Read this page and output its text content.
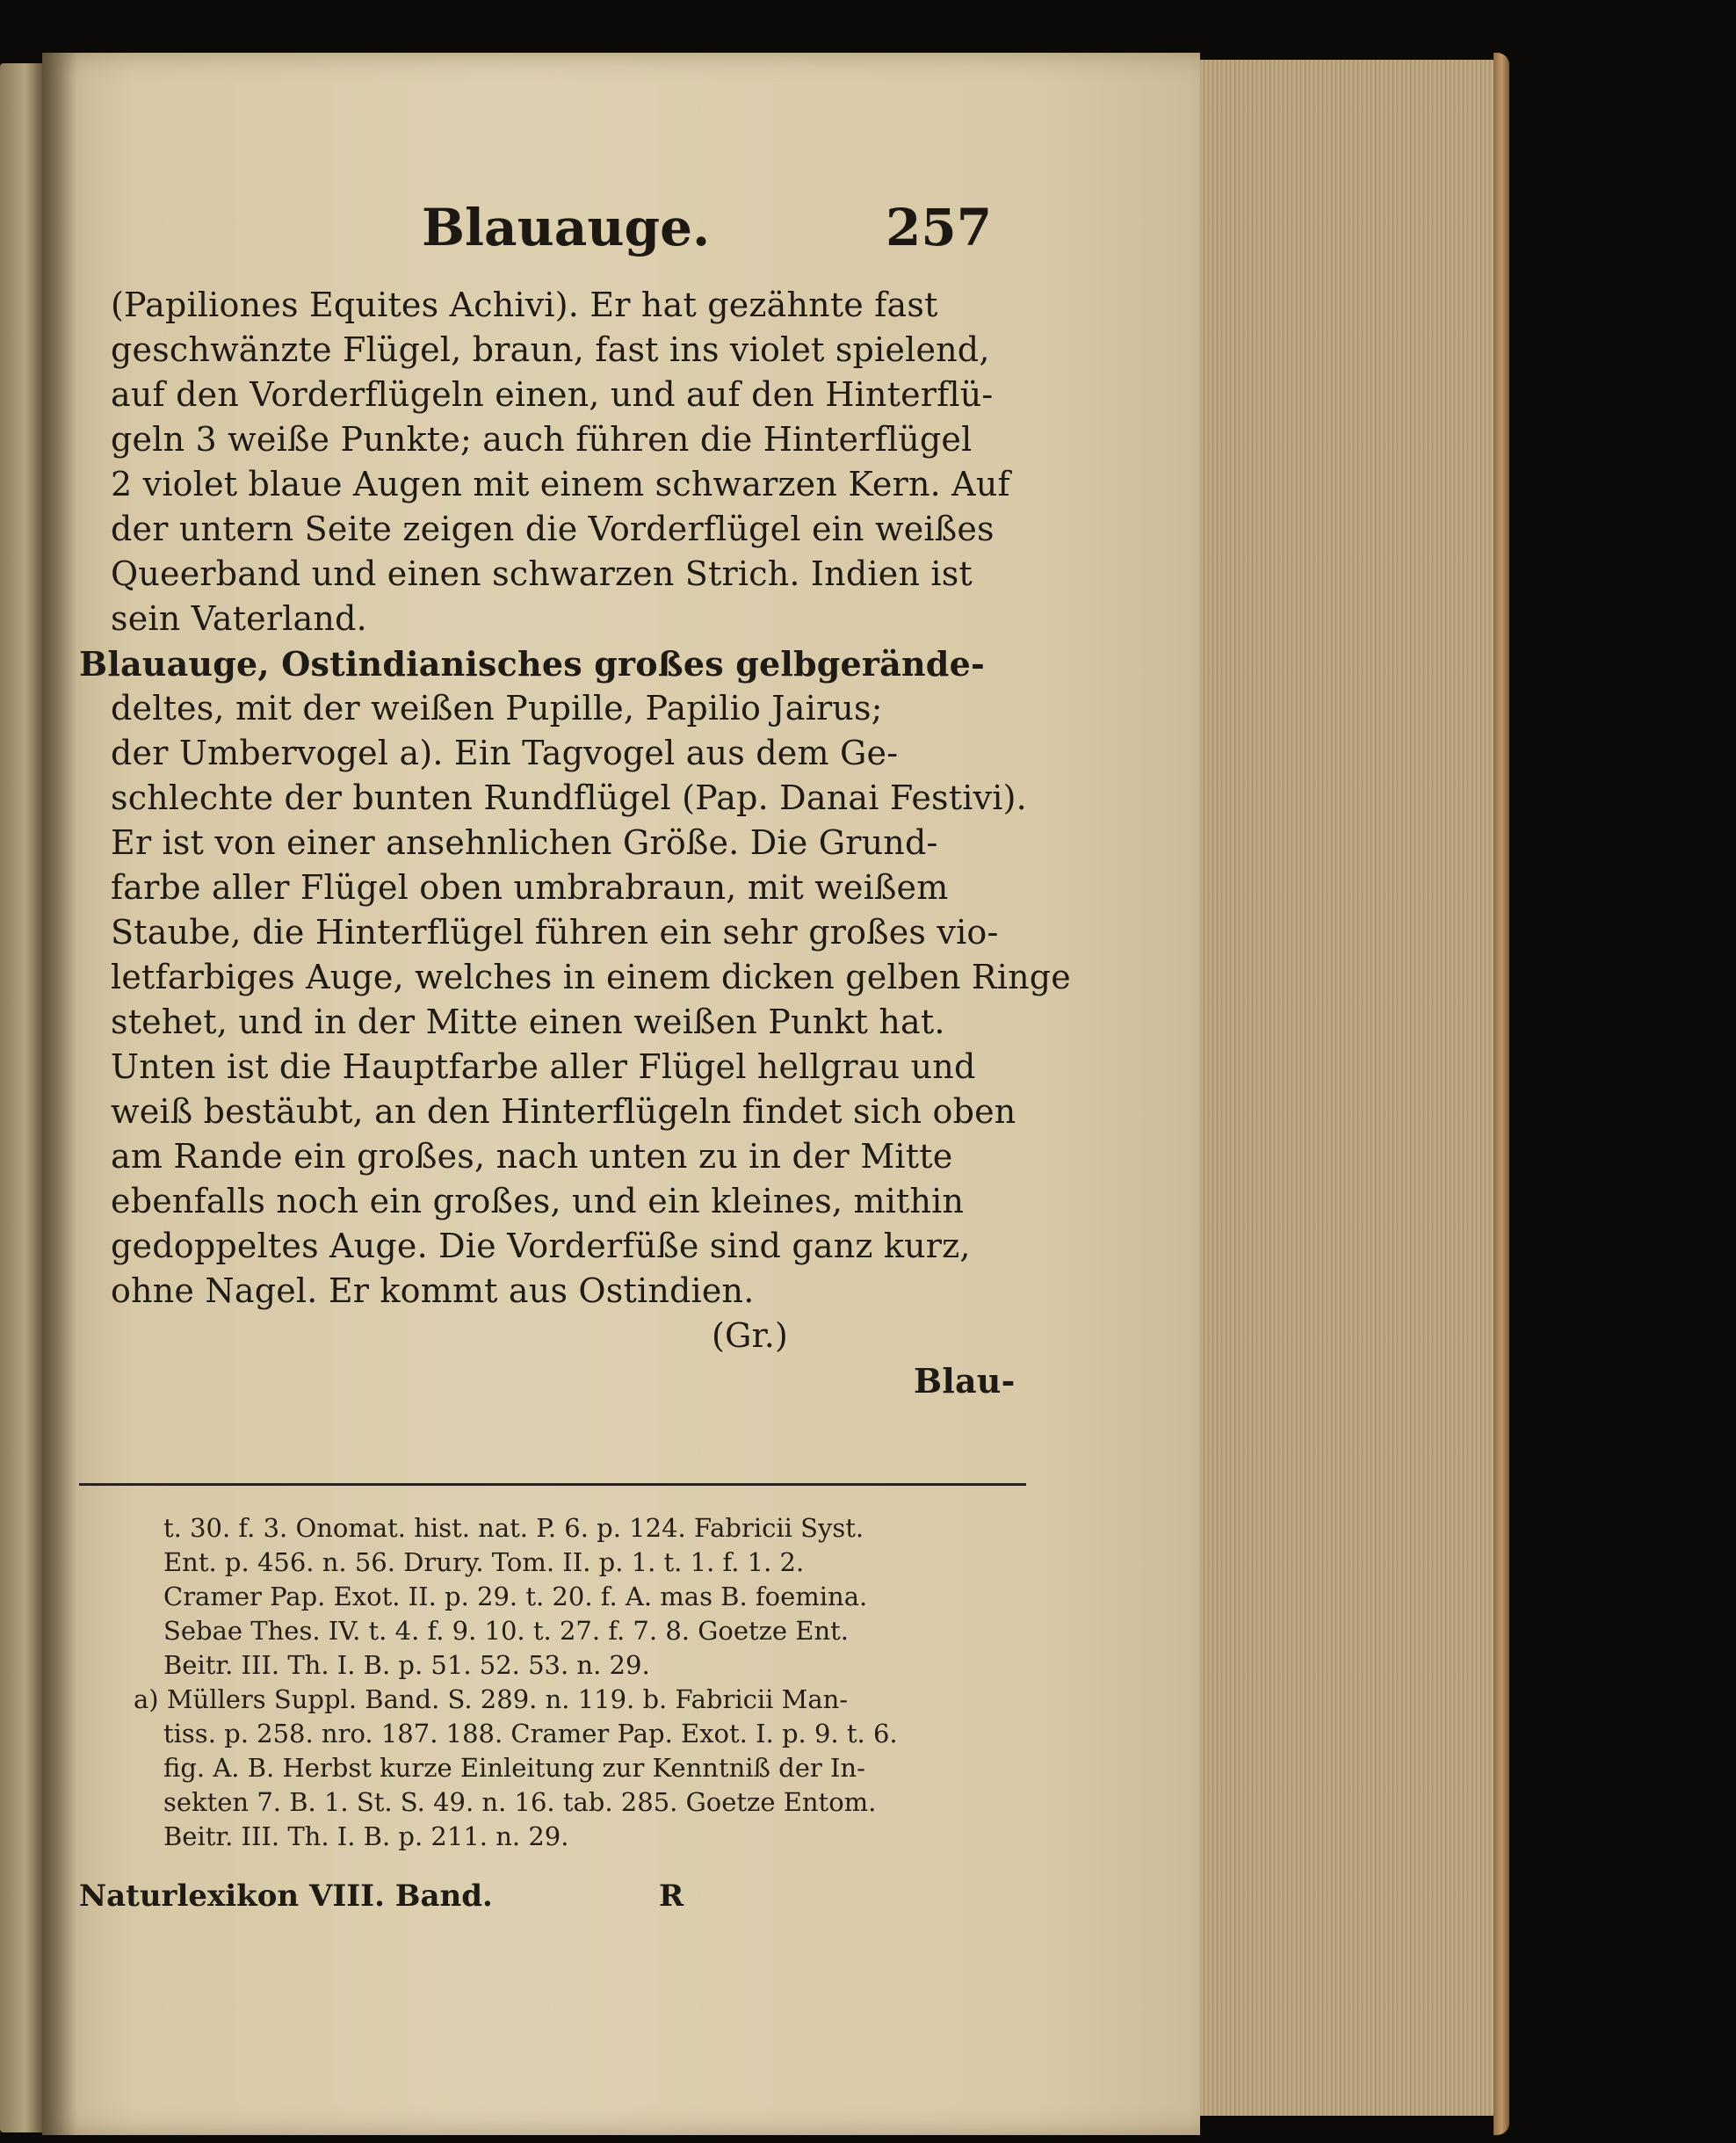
Blauauge.	257
(Papiliones Equites Achivi). Er hat gezähnte fast
geschwänzte Flügel, braun, fast ins violet spielend,
auf den Vorderflügeln einen, und auf den Hinterflü-
geln 3 weiße Punkte; auch führen die Hinterflügel
2 violet blaue Augen mit einem schwarzen Kern. Auf
der untern Seite zeigen die Vorderflügel ein weißes
Queerband und einen schwarzen Strich. Indien ist
sein Vaterland.
Blauauge, Ostindianisches großes gelbgerände-
deltes, mit der weißen Pupille, Papilio Jairus;
der Umbervogel a). Ein Tagvogel aus dem Ge-
schlechte der bunten Rundflügel (Pap. Danai Festivi).
Er ist von einer ansehnlichen Größe. Die Grund-
farbe aller Flügel oben umbrabraun, mit weißem
Staube, die Hinterflügel führen ein sehr großes vio-
letfarbiges Auge, welches in einem dicken gelben Ringe
stehet, und in der Mitte einen weißen Punkt hat.
Unten ist die Hauptfarbe aller Flügel hellgrau und
weiß bestäubt, an den Hinterflügeln findet sich oben
am Rande ein großes, nach unten zu in der Mitte
ebenfalls noch ein großes, und ein kleines, mithin
gedoppeltes Auge. Die Vorderfüße sind ganz kurz,
ohne Nagel. Er kommt aus Ostindien.
(Gr.)
Blau-
t. 30. f. 3. Onomat. hist. nat. P. 6. p. 124. Fabricii Syst.
Ent. p. 456. n. 56. Drury. Tom. II. p. 1. t. 1. f. 1. 2.
Cramer Pap. Exot. II. p. 29. t. 20. f. A. mas B. foemina.
Sebae Thes. IV. t. 4. f. 9. 10. t. 27. f. 7. 8. Goetze Ent.
Beitr. III. Th. I. B. p. 51. 52. 53. n. 29.
a) Müllers Suppl. Band. S. 289. n. 119. b. Fabricii Man-
tiss. p. 258. nro. 187. 188. Cramer Pap. Exot. I. p. 9. t. 6.
fig. A. B. Herbst kurze Einleitung zur Kenntniß der In-
sekten 7. B. 1. St. S. 49. n. 16. tab. 285. Goetze Entom.
Beitr. III. Th. I. B. p. 211. n. 29.
Naturlexikon VIII. Band.	R
